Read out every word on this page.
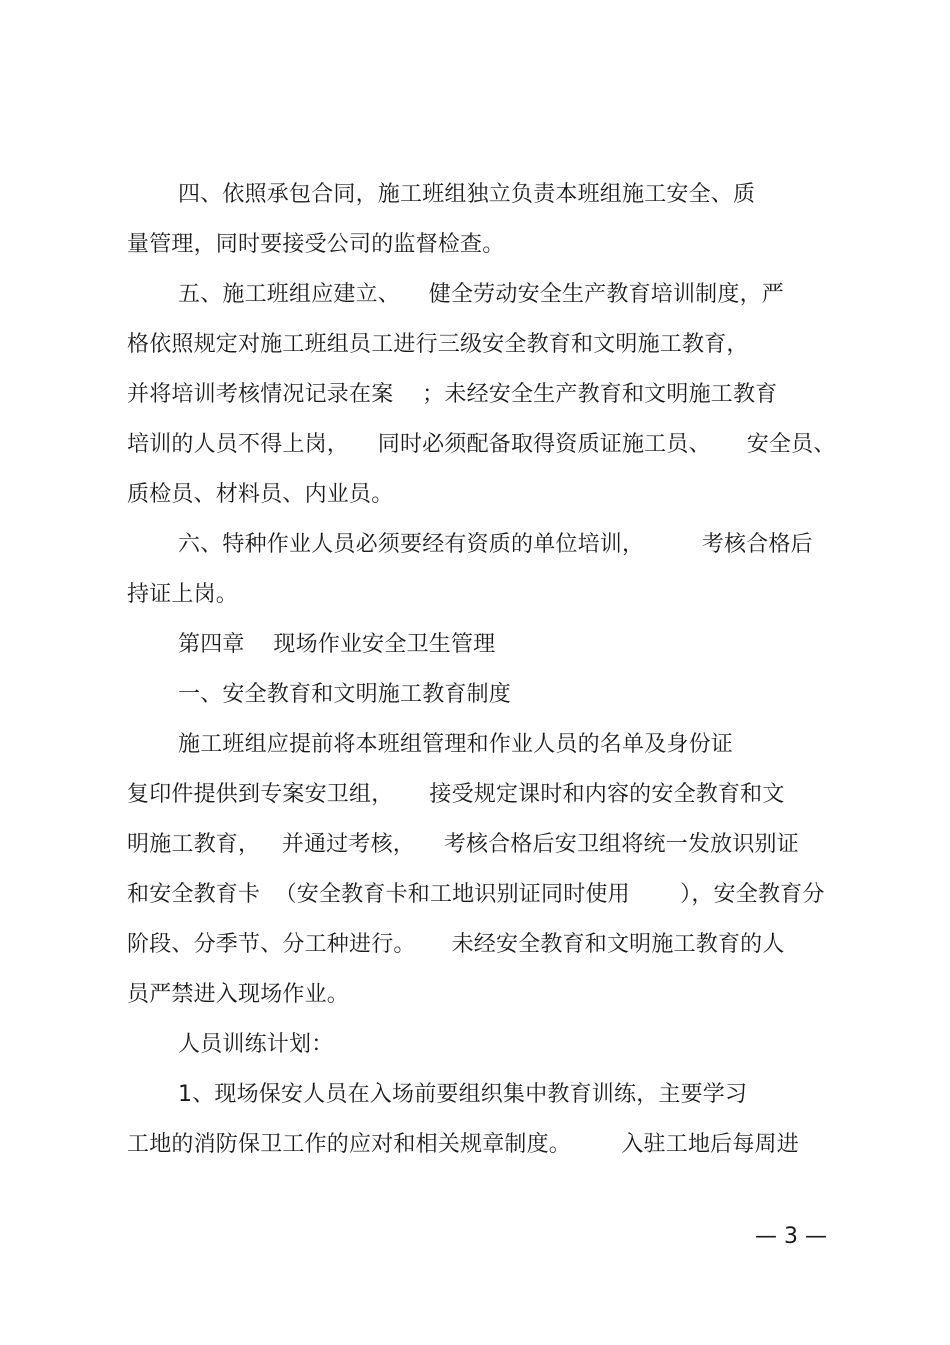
四、依照承包合同，施工班组独立负责本班组施工安全、质
量管理，同时要接受公司的监督检查。
五、施工班组应建立、    健全劳动安全生产教育培训制度，严
格依照规定对施工班组员工进行三级安全教育和文明施工教育，
并将培训考核情况记录在案    ；未经安全生产教育和文明施工教育
培训的人员不得上岗，    同时必须配备取得资质证施工员、     安全员、
质检员、材料员、内业员。
六、特种作业人员必须要经有资质的单位培训，        考核合格后
持证上岗。
第四章    现场作业安全卫生管理
一、安全教育和文明施工教育制度
施工班组应提前将本班组管理和作业人员的名单及身份证
复印件提供到专案安卫组，     接受规定课时和内容的安全教育和文
明施工教育，   并通过考核，    考核合格后安卫组将统一发放识别证
和安全教育卡  （安全教育卡和工地识别证同时使用       ），安全教育分
阶段、分季节、分工种进行。     未经安全教育和文明施工教育的人
员严禁进入现场作业。
人员训练计划：
1、现场保安人员在入场前要组织集中教育训练，主要学习
工地的消防保卫工作的应对和相关规章制度。       入驻工地后每周进
— 3 —
